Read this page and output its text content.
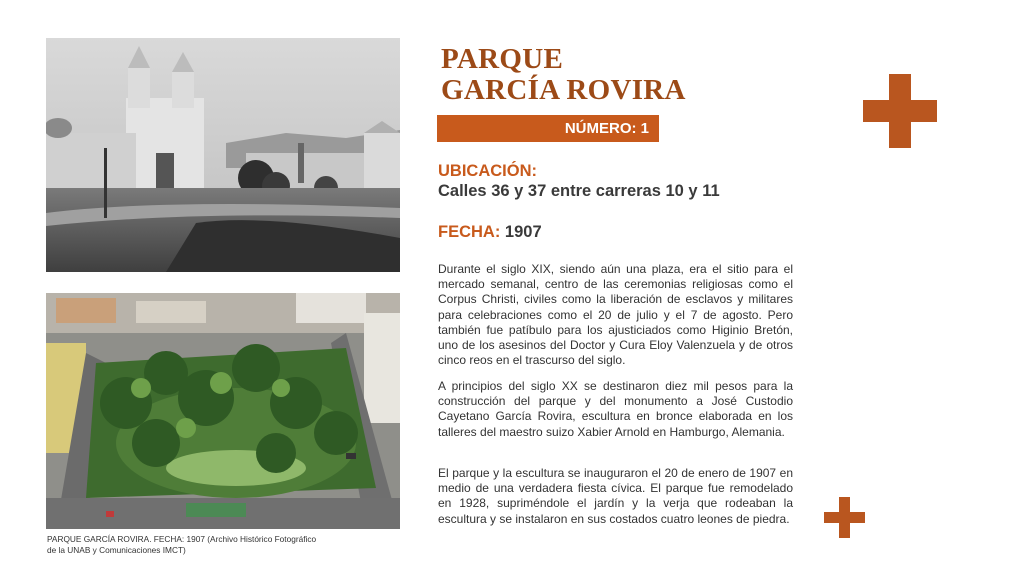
PARQUE GARCÍA ROVIRA. FECHA: 1907 (Archivo Histórico Fotográfico
de la UNAB y Comunicaciones IMCT)
PARQUE
GARCÍA ROVIRA
NÚMERO: 1
UBICACIÓN:
Calles 36 y 37 entre carreras 10 y 11
FECHA: 1907

Durante el siglo XIX, siendo aún una plaza, era el sitio para el mercado semanal, centro de las ceremonias religiosas como el Corpus Christi, civiles como la liberación de esclavos y militares para celebraciones como el 20 de julio y el 7 de agosto. Pero también fue patíbulo para los ajusticiados como Higinio Bretón, uno de los asesinos del Doctor y Cura Eloy Valenzuela y de otros cinco reos en el trascurso del siglo.

A principios del siglo XX se destinaron diez mil pesos para la construcción del parque y del monumento a José Custodio Cayetano García Rovira, escultura en bronce elaborada en los talleres del maestro suizo Xabier Arnold en Hamburgo, Alemania.

El parque y la escultura se inauguraron el 20 de enero de 1907 en medio de una verdadera fiesta cívica. El parque fue remodelado en 1928, supriméndole el jardín y la verja que rodeaban la escultura y se instalaron en sus costados cuatro leones de piedra.
